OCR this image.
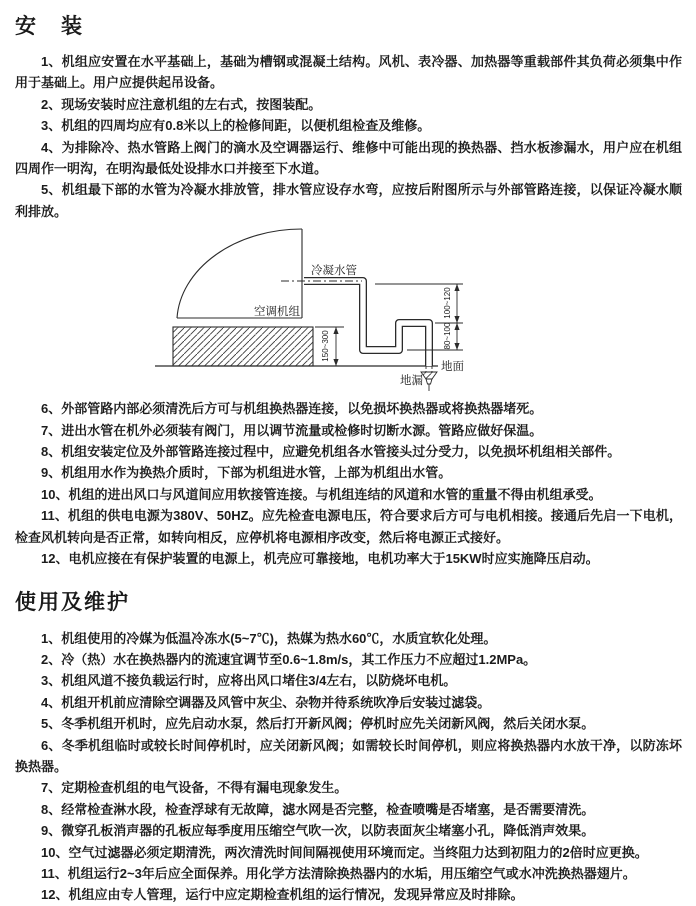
安　装

1、机组应安置在水平基础上，基础为槽钢或混凝土结构。风机、表冷器、加热器等重载部件其负荷必须集中作用于基础上。用户应提供起吊设备。

2、现场安装时应注意机组的左右式，按图装配。

3、机组的四周均应有0.8米以上的检修间距，以便机组检查及维修。

4、为排除冷、热水管路上阀门的滴水及空调器运行、维修中可能出现的换热器、挡水板渗漏水，用户应在机组四周作一明沟，在明沟最低处设排水口并接至下水道。

5、机组最下部的水管为冷凝水排放管，排水管应设存水弯，应按后附图所示与外部管路连接，以保证冷凝水顺利排放。

空调机组
地面
150~300
冷凝水管
地漏
100~120
80~100

6、外部管路内部必须清洗后方可与机组换热器连接，以免损坏换热器或将换热器堵死。

7、进出水管在机外必须装有阀门，用以调节流量或检修时切断水源。管路应做好保温。

8、机组安装定位及外部管路连接过程中，应避免机组各水管接头过分受力，以免损坏机组相关部件。

9、机组用水作为换热介质时，下部为机组进水管，上部为机组出水管。

10、机组的进出风口与风道间应用软接管连接。与机组连结的风道和水管的重量不得由机组承受。

11、机组的供电电源为380V、50HZ。应先检查电源电压，符合要求后方可与电机相接。接通后先启一下电机，检查风机转向是否正常，如转向相反，应停机将电源相序改变，然后将电源正式接好。

12、电机应接在有保护装置的电源上，机壳应可靠接地，电机功率大于15KW时应实施降压启动。

使用及维护

1、机组使用的冷媒为低温冷冻水(5~7℃)，热媒为热水60℃，水质宜软化处理。

2、冷（热）水在换热器内的流速宜调节至0.6~1.8m/s，其工作压力不应超过1.2MPa。

3、机组风道不接负载运行时，应将出风口堵住3/4左右，以防烧坏电机。

4、机组开机前应清除空调器及风管中灰尘、杂物并待系统吹净后安装过滤袋。

5、冬季机组开机时，应先启动水泵，然后打开新风阀；停机时应先关闭新风阀，然后关闭水泵。

6、冬季机组临时或较长时间停机时，应关闭新风阀；如需较长时间停机，则应将换热器内水放干净，以防冻坏换热器。

7、定期检查机组的电气设备，不得有漏电现象发生。

8、经常检查淋水段，检查浮球有无故障，滤水网是否完整，检查喷嘴是否堵塞，是否需要清洗。

9、微穿孔板消声器的孔板应每季度用压缩空气吹一次，以防表面灰尘堵塞小孔，降低消声效果。

10、空气过滤器必须定期清洗，两次清洗时间间隔视使用环境而定。当终阻力达到初阻力的2倍时应更换。

11、机组运行2~3年后应全面保养。用化学方法清除换热器内的水垢，用压缩空气或水冲洗换热器翅片。

12、机组应由专人管理，运行中应定期检查机组的运行情况，发现异常应及时排除。
